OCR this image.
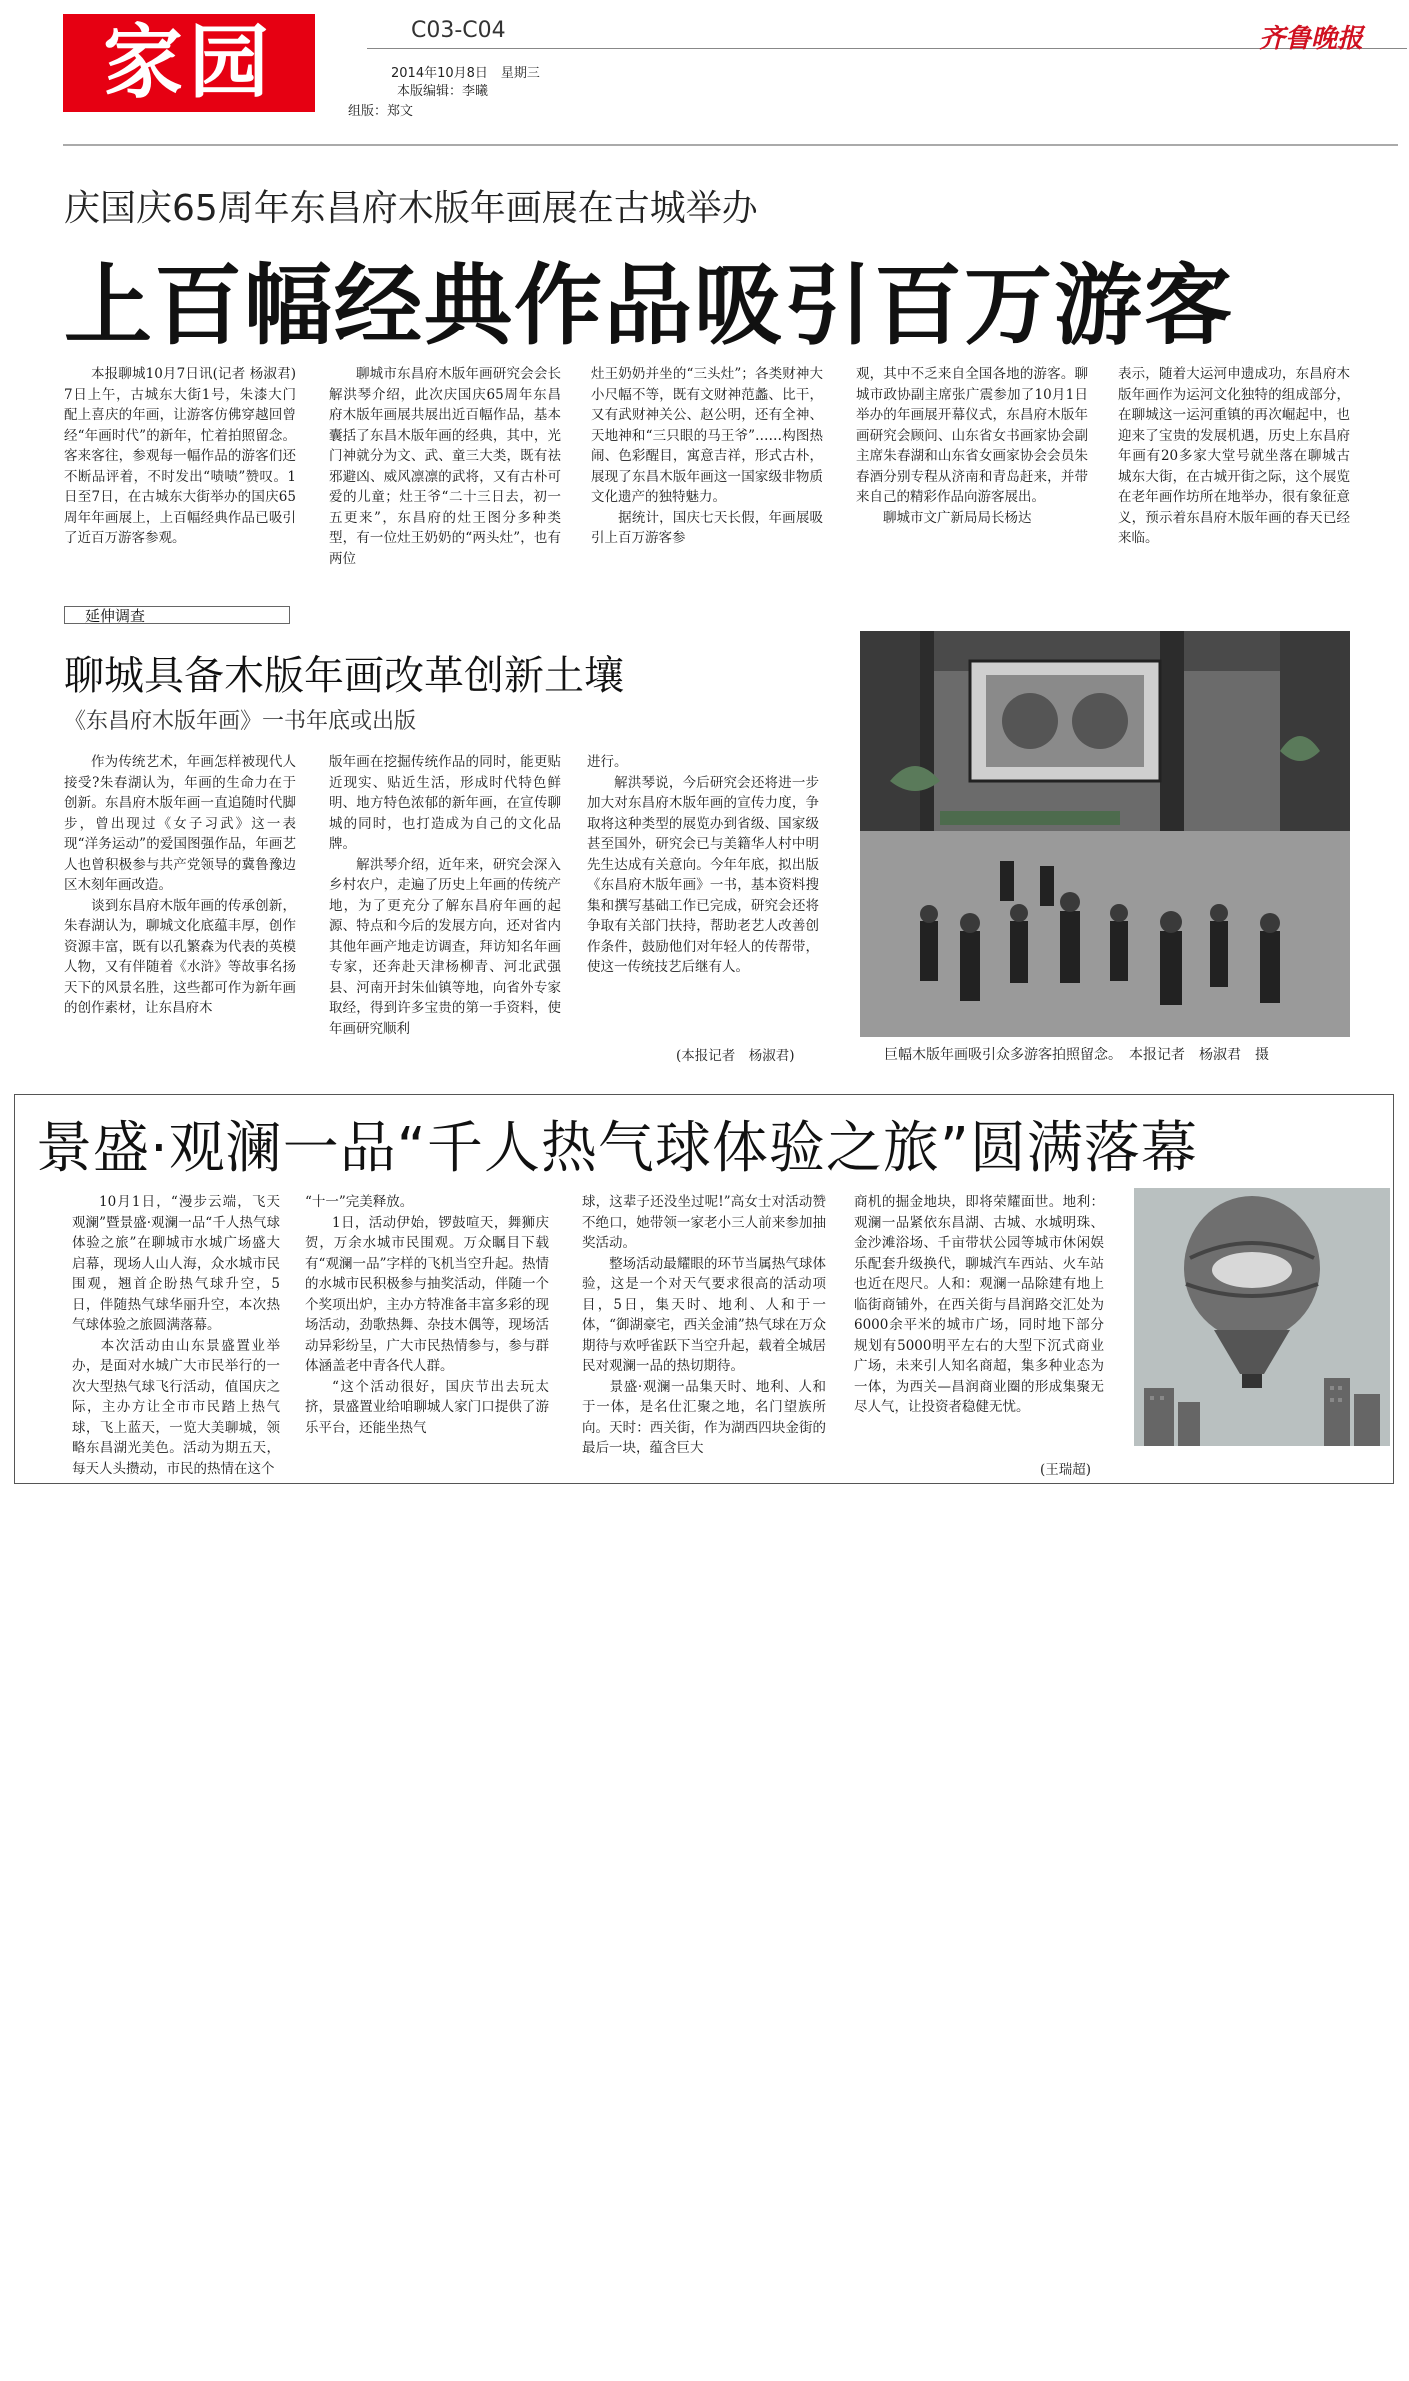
家园	C03-C04
2014年10月8日　星期三
本版编辑：李曦
组版：郑文
齐鲁晚报
庆国庆65周年东昌府木版年画展在古城举办
上百幅经典作品吸引百万游客
本报聊城10月7日讯(记者 杨淑君) 7日上午，古城东大街1号，朱漆大门配上喜庆的年画，让游客仿佛穿越回曾经“年画时代”的新年，忙着拍照留念。客来客往，参观每一幅作品的游客们还不断品评着，不时发出“啧啧”赞叹。1日至7日，在古城东大街举办的国庆65周年年画展上，上百幅经典作品已吸引了近百万游客参观。
聊城市东昌府木版年画研究会会长解洪琴介绍，此次庆国庆65周年东昌府木版年画展共展出近百幅作品，基本囊括了东昌木版年画的经典，其中，光门神就分为文、武、童三大类，既有祛邪避凶、威风凛凛的武将，又有古朴可爱的儿童；灶王爷“二十三日去，初一五更来”，东昌府的灶王图分多种类型，有一位灶王奶奶的“两头灶”，也有两位
灶王奶奶并坐的“三头灶”；各类财神大小尺幅不等，既有文财神范蠡、比干，又有武财神关公、赵公明，还有全神、天地神和“三只眼的马王爷”……构图热闹、色彩醒目，寓意吉祥，形式古朴，展现了东昌木版年画这一国家级非物质文化遗产的独特魅力。
据统计，国庆七天长假，年画展吸引上百万游客参
观，其中不乏来自全国各地的游客。聊城市政协副主席张广震参加了10月1日举办的年画展开幕仪式，东昌府木版年画研究会顾问、山东省女书画家协会副主席朱春湖和山东省女画家协会会员朱春酒分别专程从济南和青岛赶来，并带来自己的精彩作品向游客展出。
聊城市文广新局局长杨达
表示，随着大运河申遗成功，东昌府木版年画作为运河文化独特的组成部分，在聊城这一运河重镇的再次崛起中，也迎来了宝贵的发展机遇，历史上东昌府年画有20多家大堂号就坐落在聊城古城东大街，在古城开街之际，这个展览在老年画作坊所在地举办，很有象征意义，预示着东昌府木版年画的春天已经来临。
延伸调查
聊城具备木版年画改革创新土壤
《东昌府木版年画》一书年底或出版
作为传统艺术，年画怎样被现代人接受?朱春湖认为，年画的生命力在于创新。东昌府木版年画一直追随时代脚步，曾出现过《女子习武》这一表现“洋务运动”的爱国图强作品，年画艺人也曾积极参与共产党领导的冀鲁豫边区木刻年画改造。
谈到东昌府木版年画的传承创新，朱春湖认为，聊城文化底蕴丰厚，创作资源丰富，既有以孔繁森为代表的英模人物，又有伴随着《水浒》等故事名扬天下的风景名胜，这些都可作为新年画的创作素材，让东昌府木
版年画在挖掘传统作品的同时，能更贴近现实、贴近生活，形成时代特色鲜明、地方特色浓郁的新年画，在宣传聊城的同时，也打造成为自己的文化品牌。
解洪琴介绍，近年来，研究会深入乡村农户，走遍了历史上年画的传统产地，为了更充分了解东昌府年画的起源、特点和今后的发展方向，还对省内其他年画产地走访调查，拜访知名年画专家，还奔赴天津杨柳青、河北武强县、河南开封朱仙镇等地，向省外专家取经，得到许多宝贵的第一手资料，使年画研究顺利
进行。
解洪琴说，今后研究会还将进一步加大对东昌府木版年画的宣传力度，争取将这种类型的展览办到省级、国家级甚至国外，研究会已与美籍华人村中明先生达成有关意向。今年年底，拟出版《东昌府木版年画》一书，基本资料搜集和撰写基础工作已完成，研究会还将争取有关部门扶持，帮助老艺人改善创作条件，鼓励他们对年轻人的传帮带，使这一传统技艺后继有人。
(本报记者　杨淑君)	巨幅木版年画吸引众多游客拍照留念。　本报记者　杨淑君　摄
景盛·观澜一品“千人热气球体验之旅”圆满落幕
10月1日，“漫步云端，飞天观澜”暨景盛·观澜一品“千人热气球体验之旅”在聊城市水城广场盛大启幕，现场人山人海，众水城市民围观，翘首企盼热气球升空，5日，伴随热气球华丽升空，本次热气球体验之旅圆满落幕。
本次活动由山东景盛置业举办，是面对水城广大市民举行的一次大型热气球飞行活动，值国庆之际，主办方让全市市民踏上热气球，飞上蓝天，一览大美聊城，领略东昌湖光美色。活动为期五天，每天人头攒动，市民的热情在这个
“十一”完美释放。
1日，活动伊始，锣鼓喧天，舞狮庆贺，万余水城市民围观。万众瞩目下载有“观澜一品”字样的飞机当空升起。热情的水城市民积极参与抽奖活动，伴随一个个奖项出炉，主办方特准备丰富多彩的现场活动，劲歌热舞、杂技木偶等，现场活动异彩纷呈，广大市民热情参与，参与群体涵盖老中青各代人群。
“这个活动很好，国庆节出去玩太挤，景盛置业给咱聊城人家门口提供了游乐平台，还能坐热气
球，这辈子还没坐过呢!”高女士对活动赞不绝口，她带领一家老小三人前来参加抽奖活动。
整场活动最耀眼的环节当属热气球体验，这是一个对天气要求很高的活动项目，5日，集天时、地利、人和于一体，“御湖豪宅，西关金浦”热气球在万众期待与欢呼雀跃下当空升起，载着全城居民对观澜一品的热切期待。
景盛·观澜一品集天时、地利、人和于一体，是名仕汇聚之地，名门望族所向。天时：西关街，作为湖西四块金街的最后一块，蕴含巨大
商机的掘金地块，即将荣耀面世。地利：观澜一品紧依东昌湖、古城、水城明珠、金沙滩浴场、千亩带状公园等城市休闲娱乐配套升级换代，聊城汽车西站、火车站也近在咫尺。人和：观澜一品除建有地上临街商铺外，在西关街与昌润路交汇处为6000余平米的城市广场，同时地下部分规划有5000明平左右的大型下沉式商业广场，未来引人知名商超，集多种业态为一体，为西关—昌润商业圈的形成集聚无尽人气，让投资者稳健无忧。
(王瑞超)
